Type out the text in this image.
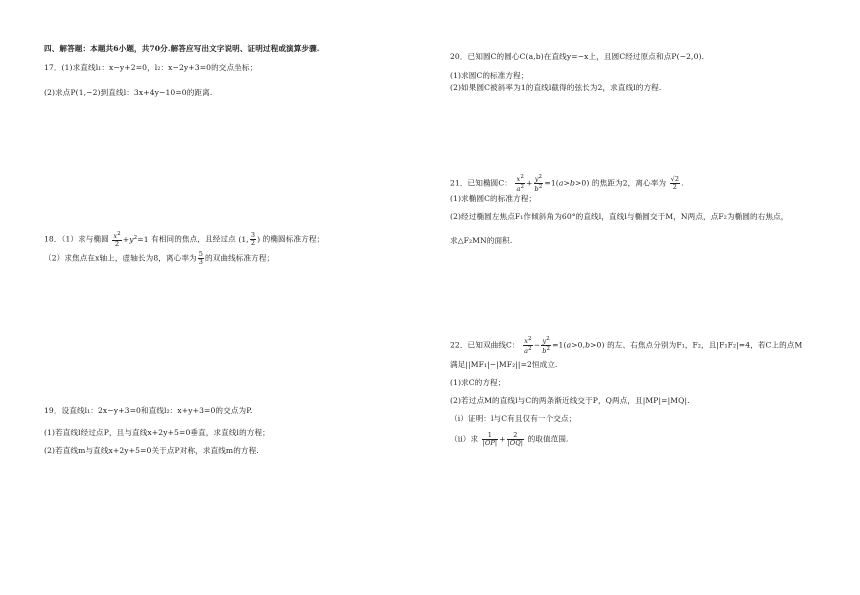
四、解答题：本题共6小题，共70分.解答应写出文字说明、证明过程或演算步骤.
17．(1)求直线l₁：x−y+2=0，l₂：x−2y+3=0的交点坐标；
(2)求点P(1,−2)到直线l：3x+4y−10=0的距离.
18．（1）求与椭圆 $\frac{x^2}{2} +y^2=1$ 有相同的焦点，且经过点 (1, $\frac{3}{2}$ ) 的椭圆标准方程；
（2）求焦点在x轴上，虚轴长为8，离心率为 $\frac{5}{3}$ 的双曲线标准方程；
19．设直线l₁：2x−y+3=0和直线l₂：x+y+3=0的交点为P.
(1)若直线l经过点P，且与直线x+2y+5=0垂直，求直线l的方程；
(2)若直线m与直线x+2y+5=0关于点P对称，求直线m的方程.
20．已知圆C的圆心C(a,b)在直线y=−x上，且圆C经过原点和点P(−2,0).
(1)求圆C的标准方程；
(2)如果圆C被斜率为1的直线l截得的弦长为2，求直线l的方程.
21．已知椭圆C： $\frac{x^2}{a^2} + \frac{y^2}{b^2} =1(a>b>0)$ 的焦距为2，离心率为 $\frac{√2}{2}$ .
(1)求椭圆C的标准方程；
(2)经过椭圆左焦点F₁作倾斜角为60°的直线l，直线l与椭圆交于M，N两点，点F₂为椭圆的右焦点，
求△F₂MN的面积.
22．已知双曲线C： $\frac{x^2}{a^2} - \frac{y^2}{b^2} =1(a>0,b>0)$ 的左、右焦点分别为F₁，F₂，且|F₁F₂|=4，若C上的点M
满足||MF₁|−|MF₂||=2恒成立.
(1)求C的方程；
(2)若过点M的直线l与C的两条渐近线交于P，Q两点，且|MP|=|MQ|.
（i）证明：l与C有且仅有一个交点；
（ii）求 $\frac{1}{|OP|} + \frac{2}{|OQ|}$ 的取值范围.
